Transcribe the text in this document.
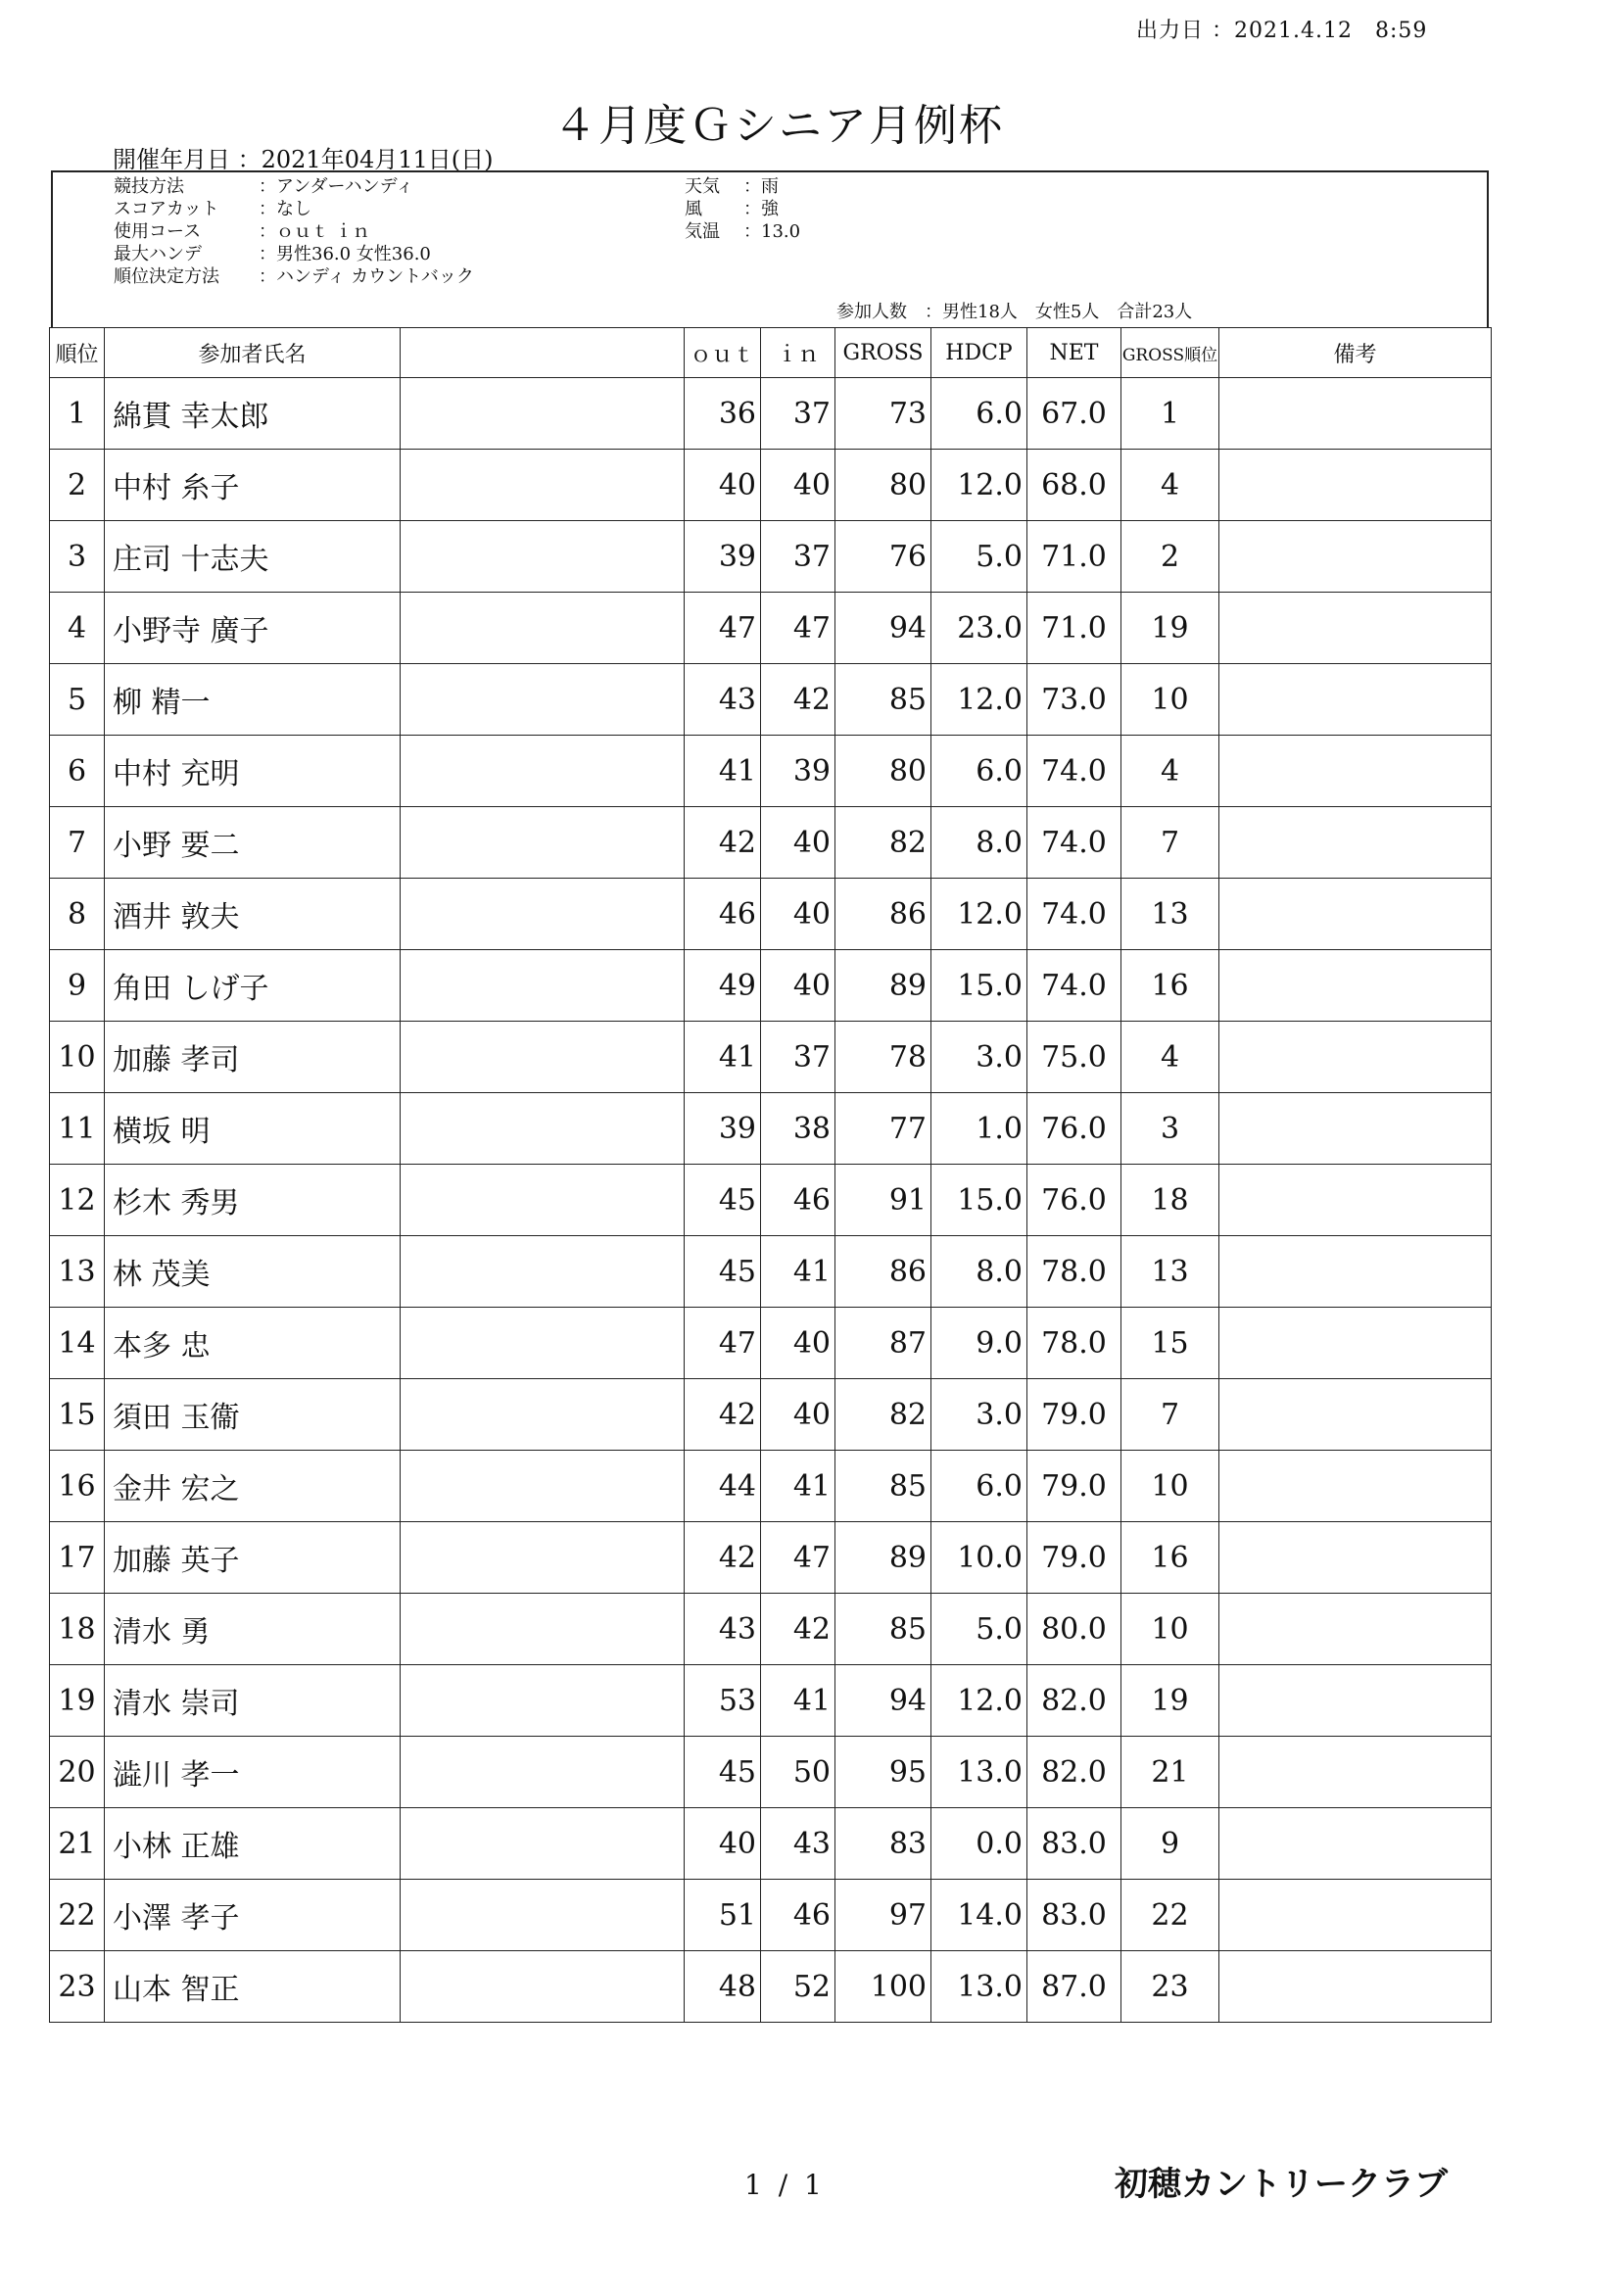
出力日 ：2021.4.12　8:59
４月度Ｇシニア月例杯
開催年月日 ：2021年04月11日(日)
競技方法	：アンダーハンディ
スコアカット ：なし
使用コース	：ｏｕｔ ｉｎ
最大ハンデ	：男性36.0 女性36.0
順位決定方法 ：ハンディ カウントバック
天気 ：雨
風 ：強
気温 ：13.0
参加人数　：男性18人　女性5人　合計23人
順位	参加者氏名		ｏｕｔ	ｉｎ	GROSS	HDCP	NET	GROSS順位	備考
1	綿貫 幸太郎		36	37	73	6.0	67.0	1	
2	中村 糸子		40	40	80	12.0	68.0	4	
3	庄司 十志夫		39	37	76	5.0	71.0	2	
4	小野寺 廣子		47	47	94	23.0	71.0	19	
5	柳 精一		43	42	85	12.0	73.0	10	
6	中村 充明		41	39	80	6.0	74.0	4	
7	小野 要二		42	40	82	8.0	74.0	7	
8	酒井 敦夫		46	40	86	12.0	74.0	13	
9	角田 しげ子		49	40	89	15.0	74.0	16	
10	加藤 孝司		41	37	78	3.0	75.0	4	
11	横坂 明		39	38	77	1.0	76.0	3	
12	杉木 秀男		45	46	91	15.0	76.0	18	
13	林 茂美		45	41	86	8.0	78.0	13	
14	本多 忠		47	40	87	9.0	78.0	15	
15	須田 玉衞		42	40	82	3.0	79.0	7	
16	金井 宏之		44	41	85	6.0	79.0	10	
17	加藤 英子		42	47	89	10.0	79.0	16	
18	清水 勇		43	42	85	5.0	80.0	10	
19	清水 崇司		53	41	94	12.0	82.0	19	
20	澁川 孝一		45	50	95	13.0	82.0	21	
21	小林 正雄		40	43	83	0.0	83.0	9	
22	小澤 孝子		51	46	97	14.0	83.0	22	
23	山本 智正		48	52	100	13.0	87.0	23	
1 / 1	初穂カントリークラブ
